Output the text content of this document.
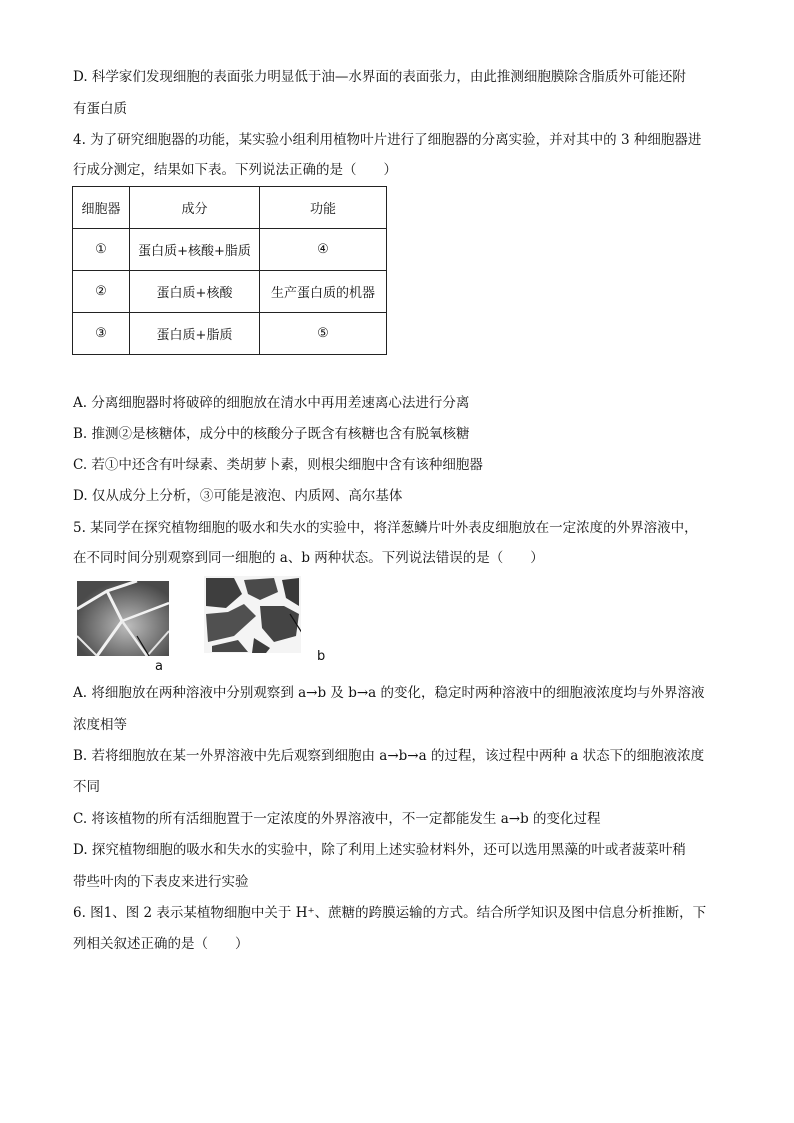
D. 科学家们发现细胞的表面张力明显低于油—水界面的表面张力，由此推测细胞膜除含脂质外可能还附
有蛋白质
4. 为了研究细胞器的功能，某实验小组利用植物叶片进行了细胞器的分离实验，并对其中的 3 种细胞器进
行成分测定，结果如下表。下列说法正确的是（　　）
细胞器	成分	功能
①	蛋白质+核酸+脂质	④
②	蛋白质+核酸	生产蛋白质的机器
③	蛋白质+脂质	⑤
A. 分离细胞器时将破碎的细胞放在清水中再用差速离心法进行分离
B. 推测②是核糖体，成分中的核酸分子既含有核糖也含有脱氧核糖
C. 若①中还含有叶绿素、类胡萝卜素，则根尖细胞中含有该种细胞器
D. 仅从成分上分析，③可能是液泡、内质网、高尔基体
5. 某同学在探究植物细胞的吸水和失水的实验中，将洋葱鳞片叶外表皮细胞放在一定浓度的外界溶液中，
在不同时间分别观察到同一细胞的 a、b 两种状态。下列说法错误的是（　　）
a
b
A. 将细胞放在两种溶液中分别观察到 a→b 及 b→a 的变化，稳定时两种溶液中的细胞液浓度均与外界溶液
浓度相等
B. 若将细胞放在某一外界溶液中先后观察到细胞由 a→b→a 的过程，该过程中两种 a 状态下的细胞液浓度
不同
C. 将该植物的所有活细胞置于一定浓度的外界溶液中，不一定都能发生 a→b 的变化过程
D. 探究植物细胞的吸水和失水的实验中，除了利用上述实验材料外，还可以选用黑藻的叶或者菠菜叶稍
带些叶肉的下表皮来进行实验
6. 图1、图 2 表示某植物细胞中关于 H⁺、蔗糖的跨膜运输的方式。结合所学知识及图中信息分析推断，下
列相关叙述正确的是（　　）
